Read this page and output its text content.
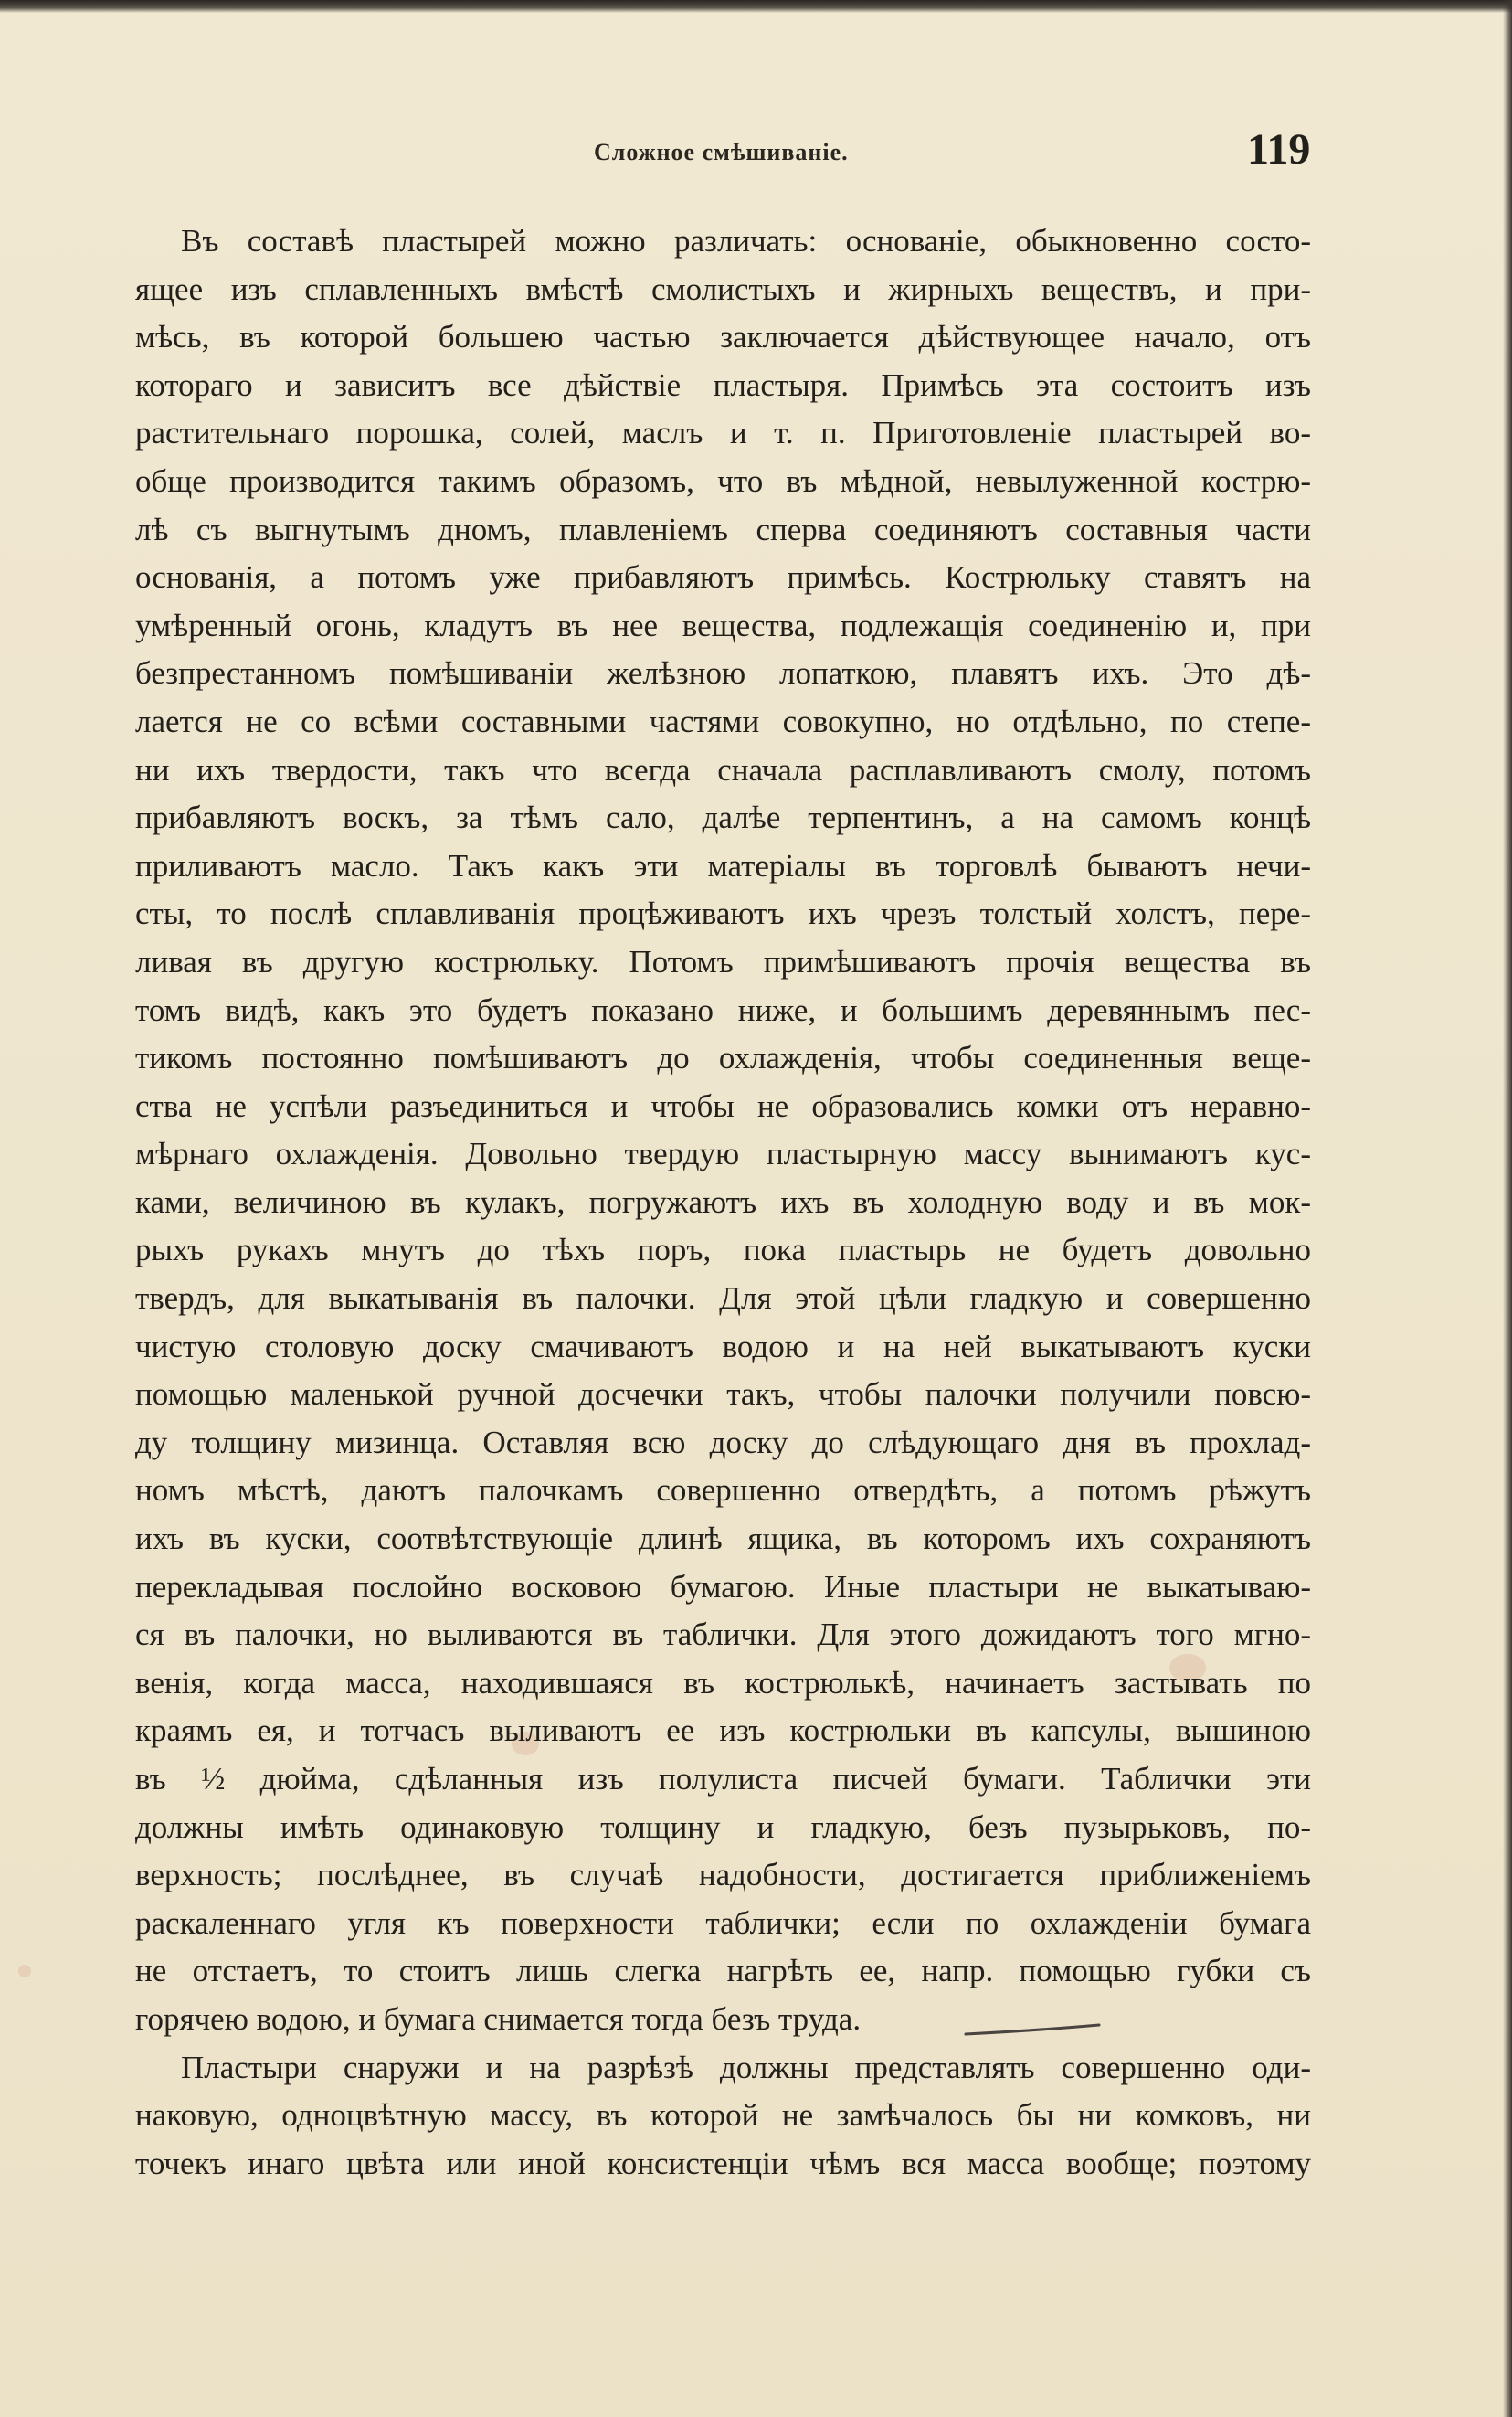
Сложное смѣшиваніе.	119
Въ составѣ пластырей можно различать: основаніе, обыкновенно состо-
ящее изъ сплавленныхъ вмѣстѣ смолистыхъ и жирныхъ веществъ, и при-
мѣсь, въ которой большею частью заключается дѣйствующее начало, отъ
котораго и зависитъ все дѣйствіе пластыря. Примѣсь эта состоитъ изъ
растительнаго порошка, солей, маслъ и т. п. Приготовленіе пластырей во-
обще производится такимъ образомъ, что въ мѣдной, невылуженной кострю-
лѣ съ выгнутымъ дномъ, плавленіемъ сперва соединяютъ составныя части
основанія, а потомъ уже прибавляютъ примѣсь. Кострюльку ставятъ на
умѣренный огонь, кладутъ въ нее вещества, подлежащія соединенію и, при
безпрестанномъ помѣшиваніи желѣзною лопаткою, плавятъ ихъ. Это дѣ-
лается не со всѣми составными частями совокупно, но отдѣльно, по степе-
ни ихъ твердости, такъ что всегда сначала расплавливаютъ смолу, потомъ
прибавляютъ воскъ, за тѣмъ сало, далѣе терпентинъ, а на самомъ концѣ
приливаютъ масло. Такъ какъ эти матеріалы въ торговлѣ бываютъ нечи-
сты, то послѣ сплавливанія процѣживаютъ ихъ чрезъ толстый холстъ, пере-
ливая въ другую кострюльку. Потомъ примѣшиваютъ прочія вещества въ
томъ видѣ, какъ это будетъ показано ниже, и большимъ деревяннымъ пес-
тикомъ постоянно помѣшиваютъ до охлажденія, чтобы соединенныя веще-
ства не успѣли разъединиться и чтобы не образовались комки отъ неравно-
мѣрнаго охлажденія. Довольно твердую пластырную массу вынимаютъ кус-
ками, величиною въ кулакъ, погружаютъ ихъ въ холодную воду и въ мок-
рыхъ рукахъ мнутъ до тѣхъ поръ, пока пластырь не будетъ довольно
твердъ, для выкатыванія въ палочки. Для этой цѣли гладкую и совершенно
чистую столовую доску смачиваютъ водою и на ней выкатываютъ куски
помощью маленькой ручной досчечки такъ, чтобы палочки получили повсю-
ду толщину мизинца. Оставляя всю доску до слѣдующаго дня въ прохлад-
номъ мѣстѣ, даютъ палочкамъ совершенно отвердѣть, а потомъ рѣжутъ
ихъ въ куски, соотвѣтствующіе длинѣ ящика, въ которомъ ихъ сохраняютъ
перекладывая послойно восковою бумагою. Иные пластыри не выкатываю-
ся въ палочки, но выливаются въ таблички. Для этого дожидаютъ того мгно-
венія, когда масса, находившаяся въ кострюлькѣ, начинаетъ застывать по
краямъ ея, и тотчасъ выливаютъ ее изъ кострюльки въ капсулы, вышиною
въ ½ дюйма, сдѣланныя изъ полулиста писчей бумаги. Таблички эти
должны имѣть одинаковую толщину и гладкую, безъ пузырьковъ, по-
верхность; послѣднее, въ случаѣ надобности, достигается приближеніемъ
раскаленнаго угля къ поверхности таблички; если по охлажденіи бумага
не отстаетъ, то стоитъ лишь слегка нагрѣть ее, напр. помощью губки съ
горячею водою, и бумага снимается тогда безъ труда.
Пластыри снаружи и на разрѣзѣ должны представлять совершенно оди-
наковую, одноцвѣтную массу, въ которой не замѣчалось бы ни комковъ, ни
точекъ инаго цвѣта или иной консистенціи чѣмъ вся масса вообще; поэтому
